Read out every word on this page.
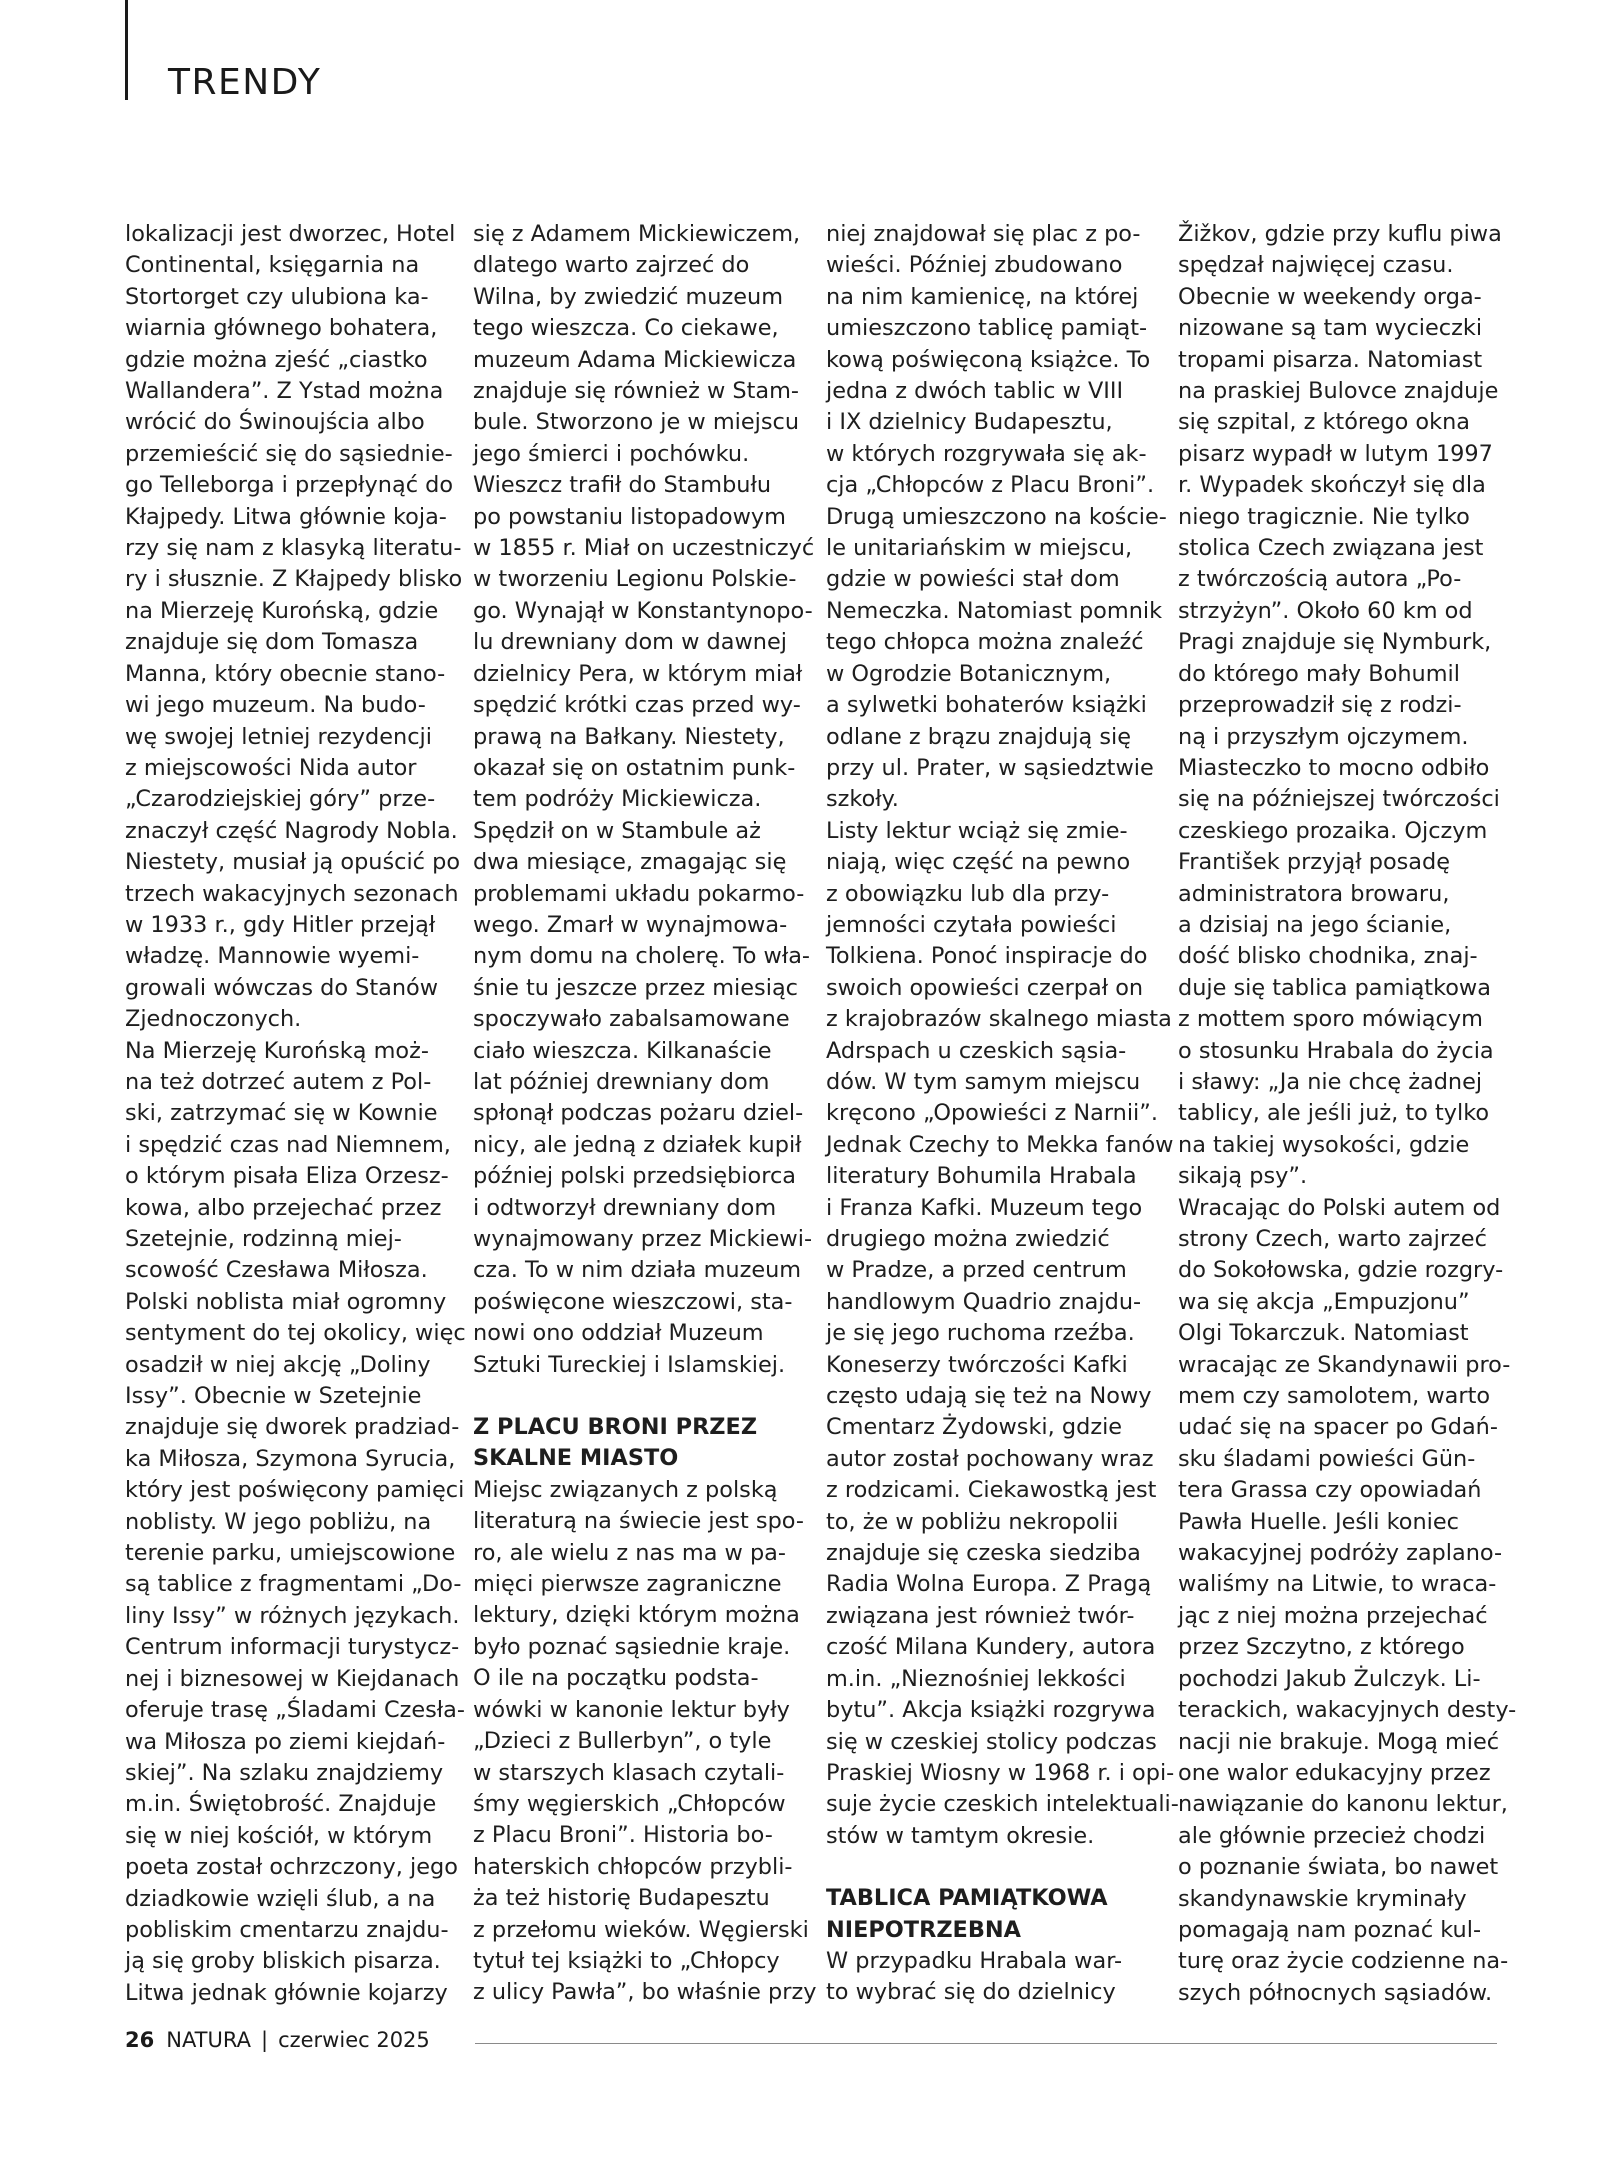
TRENDY
lokalizacji jest dworzec, Hotel
Continental, księgarnia na
Stortorget czy ulubiona ka-
wiarnia głównego bohatera,
gdzie można zjeść „ciastko
Wallandera”. Z Ystad można
wrócić do Świnoujścia albo
przemieścić się do sąsiednie-
go Telleborga i przepłynąć do
Kłajpedy. Litwa głównie koja-
rzy się nam z klasyką literatu-
ry i słusznie. Z Kłajpedy blisko
na Mierzeję Kurońską, gdzie
znajduje się dom Tomasza
Manna, który obecnie stano-
wi jego muzeum. Na budo-
wę swojej letniej rezydencji
z miejscowości Nida autor
„Czarodziejskiej góry” prze-
znaczył część Nagrody Nobla.
Niestety, musiał ją opuścić po
trzech wakacyjnych sezonach
w 1933 r., gdy Hitler przejął
władzę. Mannowie wyemi-
growali wówczas do Stanów
Zjednoczonych.
Na Mierzeję Kurońską moż-
na też dotrzeć autem z Pol-
ski, zatrzymać się w Kownie
i spędzić czas nad Niemnem,
o którym pisała Eliza Orzesz-
kowa, albo przejechać przez
Szetejnie, rodzinną miej-
scowość Czesława Miłosza.
Polski noblista miał ogromny
sentyment do tej okolicy, więc
osadził w niej akcję „Doliny
Issy”. Obecnie w Szetejnie
znajduje się dworek pradziad-
ka Miłosza, Szymona Syrucia,
który jest poświęcony pamięci
noblisty. W jego pobliżu, na
terenie parku, umiejscowione
są tablice z fragmentami „Do-
liny Issy” w różnych językach.
Centrum informacji turystycz-
nej i biznesowej w Kiejdanach
oferuje trasę „Śladami Czesła-
wa Miłosza po ziemi kiejdań-
skiej”. Na szlaku znajdziemy
m.in. Świętobrość. Znajduje
się w niej kościół, w którym
poeta został ochrzczony, jego
dziadkowie wzięli ślub, a na
pobliskim cmentarzu znajdu-
ją się groby bliskich pisarza.
Litwa jednak głównie kojarzy
się z Adamem Mickiewiczem,
dlatego warto zajrzeć do
Wilna, by zwiedzić muzeum
tego wieszcza. Co ciekawe,
muzeum Adama Mickiewicza
znajduje się również w Stam-
bule. Stworzono je w miejscu
jego śmierci i pochówku.
Wieszcz trafił do Stambułu
po powstaniu listopadowym
w 1855 r. Miał on uczestniczyć
w tworzeniu Legionu Polskie-
go. Wynajął w Konstantynopo-
lu drewniany dom w dawnej
dzielnicy Pera, w którym miał
spędzić krótki czas przed wy-
prawą na Bałkany. Niestety,
okazał się on ostatnim punk-
tem podróży Mickiewicza.
Spędził on w Stambule aż
dwa miesiące, zmagając się
problemami układu pokarmo-
wego. Zmarł w wynajmowa-
nym domu na cholerę. To wła-
śnie tu jeszcze przez miesiąc
spoczywało zabalsamowane
ciało wieszcza. Kilkanaście
lat później drewniany dom
spłonął podczas pożaru dziel-
nicy, ale jedną z działek kupił
później polski przedsiębiorca
i odtworzył drewniany dom
wynajmowany przez Mickiewi-
cza. To w nim działa muzeum
poświęcone wieszczowi, sta-
nowi ono oddział Muzeum
Sztuki Tureckiej i Islamskiej.
Z PLACU BRONI PRZEZ
SKALNE MIASTO
Miejsc związanych z polską
literaturą na świecie jest spo-
ro, ale wielu z nas ma w pa-
mięci pierwsze zagraniczne
lektury, dzięki którym można
było poznać sąsiednie kraje.
O ile na początku podsta-
wówki w kanonie lektur były
„Dzieci z Bullerbyn”, o tyle
w starszych klasach czytali-
śmy węgierskich „Chłopców
z Placu Broni”. Historia bo-
haterskich chłopców przybli-
ża też historię Budapesztu
z przełomu wieków. Węgierski
tytuł tej książki to „Chłopcy
z ulicy Pawła”, bo właśnie przy
niej znajdował się plac z po-
wieści. Później zbudowano
na nim kamienicę, na której
umieszczono tablicę pamiąt-
kową poświęconą książce. To
jedna z dwóch tablic w VIII
i IX dzielnicy Budapesztu,
w których rozgrywała się ak-
cja „Chłopców z Placu Broni”.
Drugą umieszczono na koście-
le unitariańskim w miejscu,
gdzie w powieści stał dom
Nemeczka. Natomiast pomnik
tego chłopca można znaleźć
w Ogrodzie Botanicznym,
a sylwetki bohaterów książki
odlane z brązu znajdują się
przy ul. Prater, w sąsiedztwie
szkoły.
Listy lektur wciąż się zmie-
niają, więc część na pewno
z obowiązku lub dla przy-
jemności czytała powieści
Tolkiena. Ponoć inspiracje do
swoich opowieści czerpał on
z krajobrazów skalnego miasta
Adrspach u czeskich sąsia-
dów. W tym samym miejscu
kręcono „Opowieści z Narnii”.
Jednak Czechy to Mekka fanów
literatury Bohumila Hrabala
i Franza Kafki. Muzeum tego
drugiego można zwiedzić
w Pradze, a przed centrum
handlowym Quadrio znajdu-
je się jego ruchoma rzeźba.
Koneserzy twórczości Kafki
często udają się też na Nowy
Cmentarz Żydowski, gdzie
autor został pochowany wraz
z rodzicami. Ciekawostką jest
to, że w pobliżu nekropolii
znajduje się czeska siedziba
Radia Wolna Europa. Z Pragą
związana jest również twór-
czość Milana Kundery, autora
m.in. „Nieznośniej lekkości
bytu”. Akcja książki rozgrywa
się w czeskiej stolicy podczas
Praskiej Wiosny w 1968 r. i opi-
suje życie czeskich intelektuali-
stów w tamtym okresie.
TABLICA PAMIĄTKOWA
NIEPOTRZEBNA
W przypadku Hrabala war-
to wybrać się do dzielnicy
Žižkov, gdzie przy kuflu piwa
spędzał najwięcej czasu.
Obecnie w weekendy orga-
nizowane są tam wycieczki
tropami pisarza. Natomiast
na praskiej Bulovce znajduje
się szpital, z którego okna
pisarz wypadł w lutym 1997
r. Wypadek skończył się dla
niego tragicznie. Nie tylko
stolica Czech związana jest
z twórczością autora „Po-
strzyżyn”. Około 60 km od
Pragi znajduje się Nymburk,
do którego mały Bohumil
przeprowadził się z rodzi-
ną i przyszłym ojczymem.
Miasteczko to mocno odbiło
się na późniejszej twórczości
czeskiego prozaika. Ojczym
František przyjął posadę
administratora browaru,
a dzisiaj na jego ścianie,
dość blisko chodnika, znaj-
duje się tablica pamiątkowa
z mottem sporo mówiącym
o stosunku Hrabala do życia
i sławy: „Ja nie chcę żadnej
tablicy, ale jeśli już, to tylko
na takiej wysokości, gdzie
sikają psy”.
Wracając do Polski autem od
strony Czech, warto zajrzeć
do Sokołowska, gdzie rozgry-
wa się akcja „Empuzjonu”
Olgi Tokarczuk. Natomiast
wracając ze Skandynawii pro-
mem czy samolotem, warto
udać się na spacer po Gdań-
sku śladami powieści Gün-
tera Grassa czy opowiadań
Pawła Huelle. Jeśli koniec
wakacyjnej podróży zaplano-
waliśmy na Litwie, to wraca-
jąc z niej można przejechać
przez Szczytno, z którego
pochodzi Jakub Żulczyk. Li-
terackich, wakacyjnych desty-
nacji nie brakuje. Mogą mieć
one walor edukacyjny przez
nawiązanie do kanonu lektur,
ale głównie przecież chodzi
o poznanie świata, bo nawet
skandynawskie kryminały
pomagają nam poznać kul-
turę oraz życie codzienne na-
szych północnych sąsiadów.
26 NATURA | czerwiec 2025
